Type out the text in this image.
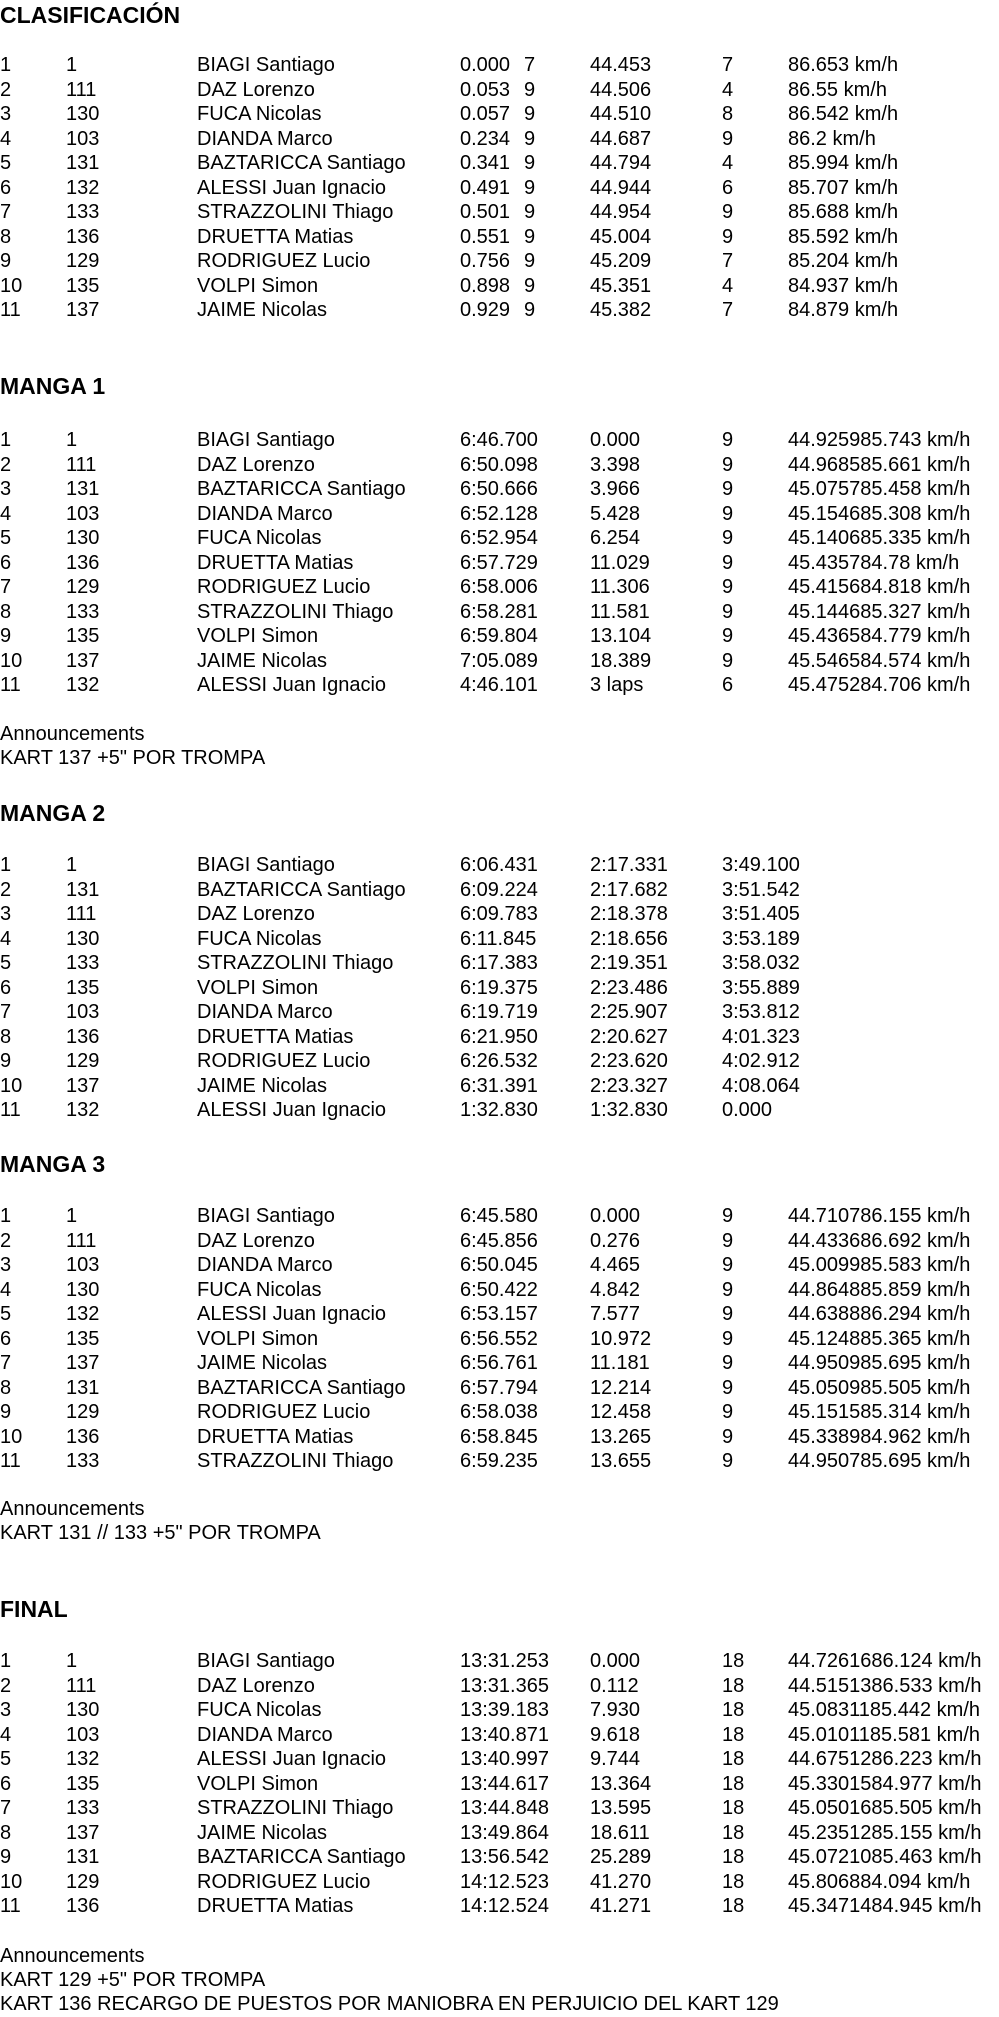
CLASIFICACIÓN
1	1	BIAGI Santiago	0.000 7	44.453	7	86.653 km/h
2	111	DAZ Lorenzo	0.053 9	44.506	4	86.55 km/h
3	130	FUCA Nicolas	0.057 9	44.510	8	86.542 km/h
4	103	DIANDA Marco	0.234 9	44.687	9	86.2 km/h
5	131	BAZTARICCA Santiago	0.341 9	44.794	4	85.994 km/h
6	132	ALESSI Juan Ignacio	0.491 9	44.944	6	85.707 km/h
7	133	STRAZZOLINI Thiago	0.501 9	44.954	9	85.688 km/h
8	136	DRUETTA Matias	0.551 9	45.004	9	85.592 km/h
9	129	RODRIGUEZ Lucio	0.756 9	45.209	7	85.204 km/h
10 135	VOLPI Simon	0.898 9	45.351	4	84.937 km/h
11 137	JAIME Nicolas	0.929 9	45.382	7	84.879 km/h
MANGA 1
1	1	BIAGI Santiago	6:46.700	0.000	9	44.925985.743 km/h
2	111	DAZ Lorenzo	6:50.098	3.398	9	44.968585.661 km/h
3	131	BAZTARICCA Santiago	6:50.666	3.966	9	45.075785.458 km/h
4	103	DIANDA Marco	6:52.128	5.428	9	45.154685.308 km/h
5	130	FUCA Nicolas	6:52.954	6.254	9	45.140685.335 km/h
6	136	DRUETTA Matias	6:57.729	11.029	9	45.435784.78 km/h
7	129	RODRIGUEZ Lucio	6:58.006	11.306	9	45.415684.818 km/h
8	133	STRAZZOLINI Thiago	6:58.281	11.581	9	45.144685.327 km/h
9	135	VOLPI Simon	6:59.804	13.104	9	45.436584.779 km/h
10 137	JAIME Nicolas	7:05.089	18.389	9	45.546584.574 km/h
11 132	ALESSI Juan Ignacio	4:46.101	3 laps	6	45.475284.706 km/h
Announcements
KART 137 +5" POR TROMPA
MANGA 2
1	1	BIAGI Santiago	6:06.431	2:17.331	3:49.100
2	131	BAZTARICCA Santiago	6:09.224	2:17.682	3:51.542
3	111	DAZ Lorenzo	6:09.783	2:18.378	3:51.405
4	130	FUCA Nicolas	6:11.845	2:18.656	3:53.189
5	133	STRAZZOLINI Thiago	6:17.383	2:19.351	3:58.032
6	135	VOLPI Simon	6:19.375	2:23.486	3:55.889
7	103	DIANDA Marco	6:19.719	2:25.907	3:53.812
8	136	DRUETTA Matias	6:21.950	2:20.627	4:01.323
9	129	RODRIGUEZ Lucio	6:26.532	2:23.620	4:02.912
10 137	JAIME Nicolas	6:31.391	2:23.327	4:08.064
11 132	ALESSI Juan Ignacio	1:32.830	1:32.830	0.000
MANGA 3
1	1	BIAGI Santiago	6:45.580	0.000	9	44.710786.155 km/h
2	111	DAZ Lorenzo	6:45.856	0.276	9	44.433686.692 km/h
3	103	DIANDA Marco	6:50.045	4.465	9	45.009985.583 km/h
4	130	FUCA Nicolas	6:50.422	4.842	9	44.864885.859 km/h
5	132	ALESSI Juan Ignacio	6:53.157	7.577	9	44.638886.294 km/h
6	135	VOLPI Simon	6:56.552	10.972	9	45.124885.365 km/h
7	137	JAIME Nicolas	6:56.761	11.181	9	44.950985.695 km/h
8	131	BAZTARICCA Santiago	6:57.794	12.214	9	45.050985.505 km/h
9	129	RODRIGUEZ Lucio	6:58.038	12.458	9	45.151585.314 km/h
10 136	DRUETTA Matias	6:58.845	13.265	9	45.338984.962 km/h
11 133	STRAZZOLINI Thiago	6:59.235	13.655	9	44.950785.695 km/h
Announcements
KART 131 // 133 +5" POR TROMPA
FINAL
1	1	BIAGI Santiago	13:31.253 0.000	18 44.7261686.124 km/h
2	111	DAZ Lorenzo	13:31.365 0.112	18 44.5151386.533 km/h
3	130	FUCA Nicolas	13:39.183 7.930	18 45.0831185.442 km/h
4	103	DIANDA Marco	13:40.871 9.618	18 45.0101185.581 km/h
5	132	ALESSI Juan Ignacio	13:40.997 9.744	18 44.6751286.223 km/h
6	135	VOLPI Simon	13:44.617 13.364	18 45.3301584.977 km/h
7	133	STRAZZOLINI Thiago	13:44.848 13.595	18 45.0501685.505 km/h
8	137	JAIME Nicolas	13:49.864 18.611	18 45.2351285.155 km/h
9	131	BAZTARICCA Santiago	13:56.542 25.289	18 45.0721085.463 km/h
10 129	RODRIGUEZ Lucio	14:12.523 41.270	18 45.806884.094 km/h
11 136	DRUETTA Matias	14:12.524 41.271	18 45.3471484.945 km/h
Announcements
KART 129 +5" POR TROMPA
KART 136 RECARGO DE PUESTOS POR MANIOBRA EN PERJUICIO DEL KART 129
